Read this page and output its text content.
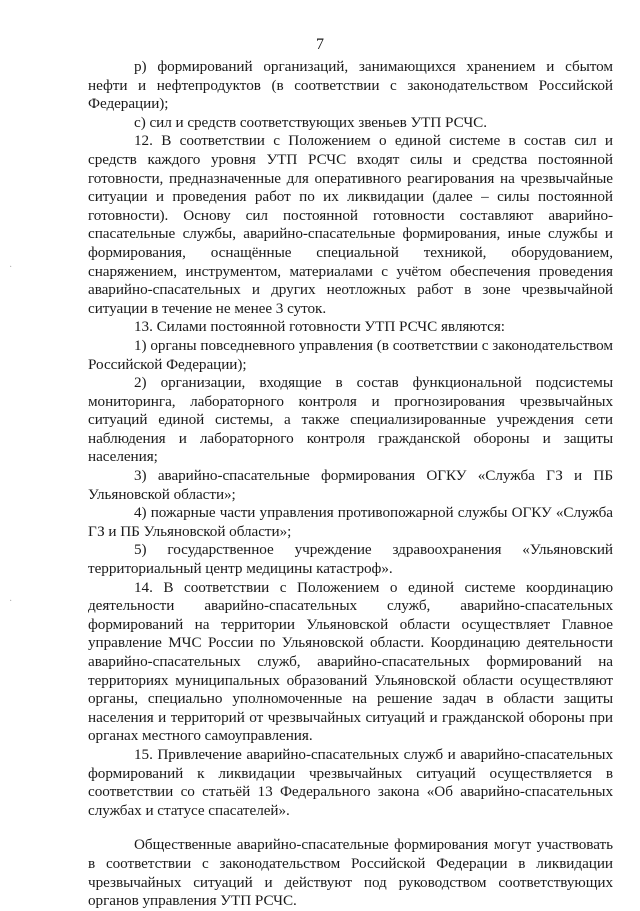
7
·
·

р) формирований организаций, занимающихся хранением и сбытом нефти и нефтепродуктов (в соответствии с законодательством Российской Федерации);

с) сил и средств соответствующих звеньев УТП РСЧС.

12. В соответствии с Положением о единой системе в состав сил и средств каждого уровня УТП РСЧС входят силы и средства постоянной готовности, предназначенные для оперативного реагирования на чрезвычайные ситуации и проведения работ по их ликвидации (далее – силы постоянной готовности). Основу сил постоянной готовности составляют аварийно-спасательные службы, аварийно-спасательные формирования, иные службы и формирования, оснащённые специальной техникой, оборудованием, снаряжением, инструментом, материалами с учётом обеспечения проведения аварийно-спасательных и других неотложных работ в зоне чрезвычайной ситуации в течение не менее 3 суток.

13. Силами постоянной готовности УТП РСЧС являются:

1) органы повседневного управления (в соответствии с законодательством Российской Федерации);

2) организации, входящие в состав функциональной подсистемы мониторинга, лабораторного контроля и прогнозирования чрезвычайных ситуаций единой системы, а также специализированные учреждения сети наблюдения и лабораторного контроля гражданской обороны и защиты населения;

3) аварийно-спасательные формирования ОГКУ «Служба ГЗ и ПБ Ульяновской области»;

4) пожарные части управления противопожарной службы ОГКУ «Служба ГЗ и ПБ Ульяновской области»;

5) государственное учреждение здравоохранения «Ульяновский территориальный центр медицины катастроф».

14. В соответствии с Положением о единой системе координацию деятельности аварийно-спасательных служб, аварийно-спасательных формирований на территории Ульяновской области осуществляет Главное управление МЧС России по Ульяновской области. Координацию деятельности аварийно-спасательных служб, аварийно-спасательных формирований на территориях муниципальных образований Ульяновской области осуществляют органы, специально уполномоченные на решение задач в области защиты населения и территорий от чрезвычайных ситуаций и гражданской обороны при органах местного самоуправления.

15. Привлечение аварийно-спасательных служб и аварийно-спасательных формирований к ликвидации чрезвычайных ситуаций осуществляется в соответствии со статьёй 13 Федерального закона «Об аварийно-спасательных службах и статусе спасателей».

Общественные аварийно-спасательные формирования могут участвовать в соответствии с законодательством Российской Федерации в ликвидации чрезвычайных ситуаций и действуют под руководством соответствующих органов управления УТП РСЧС.
